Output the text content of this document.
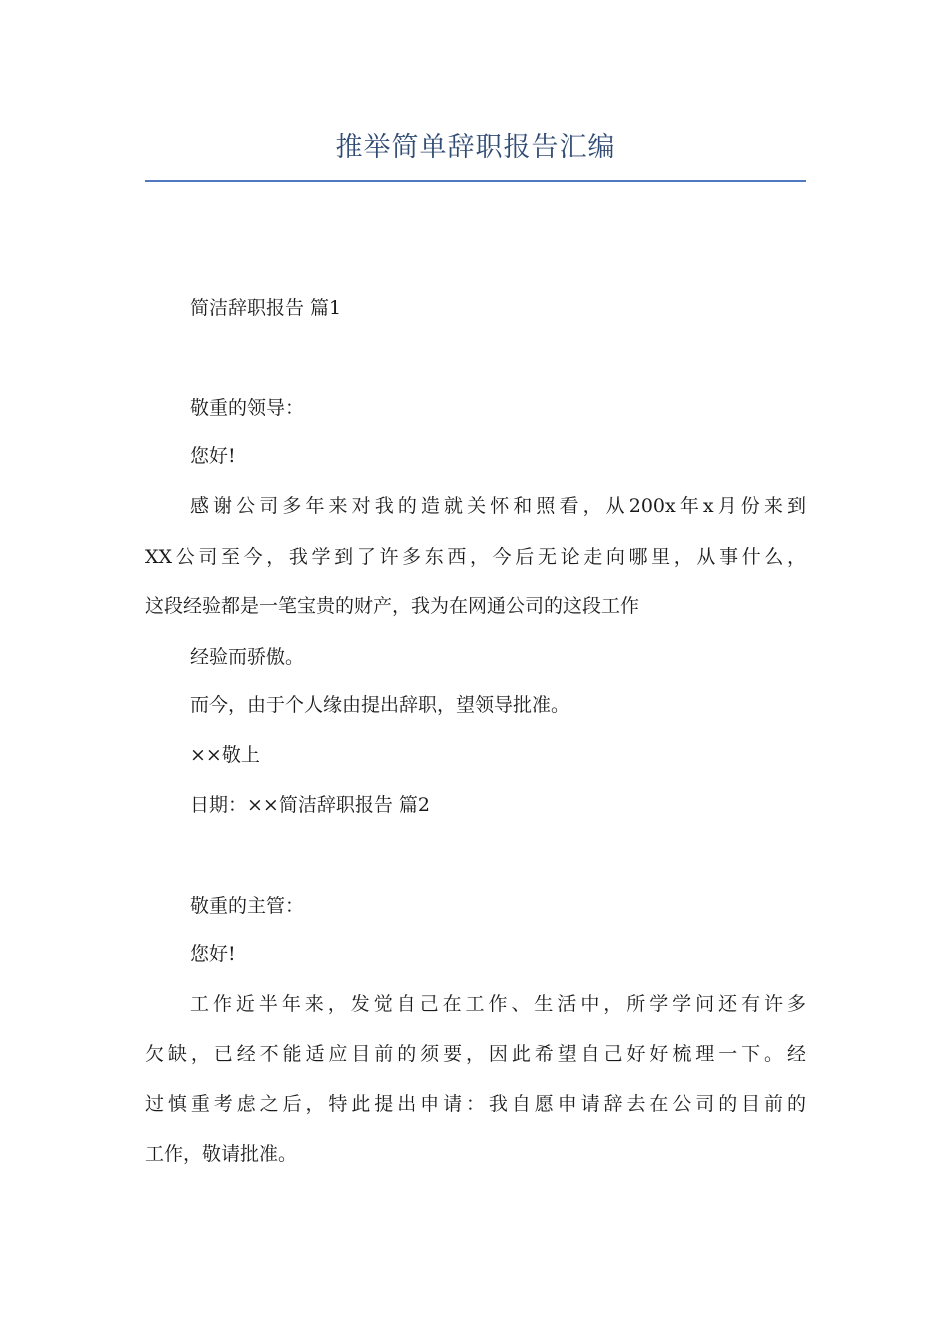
推举简单辞职报告汇编

简洁辞职报告 篇1

敬重的领导：

您好!

感谢公司多年来对我的造就关怀和照看，从200x年x月份来到

XX公司至今，我学到了许多东西，今后无论走向哪里，从事什么，

这段经验都是一笔宝贵的财产，我为在网通公司的这段工作

经验而骄傲。

而今，由于个人缘由提出辞职，望领导批准。

××敬上

日期：××简洁辞职报告 篇2

敬重的主管：

您好!

工作近半年来，发觉自己在工作、生活中，所学学问还有许多

欠缺，已经不能适应目前的须要，因此希望自己好好梳理一下。经

过慎重考虑之后，特此提出申请：我自愿申请辞去在公司的目前的

工作，敬请批准。
